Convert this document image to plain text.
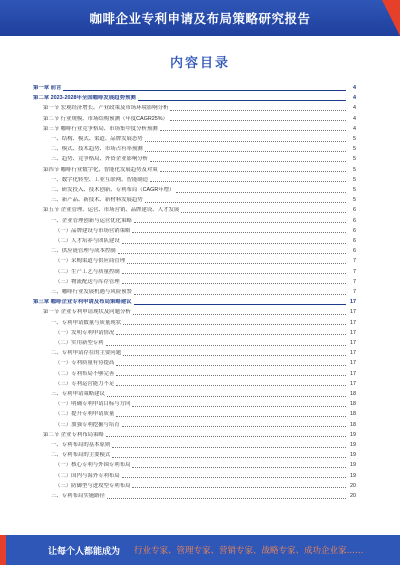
咖啡企业专利申请及布局策略研究报告
内容目录
第一章 前言	4
第二章 2023-2028年全国咖啡发展趋势预测	4
第一节 宏观经济增长、产业政策及市场环境影响分析	4
第二节 行业规模、市场结构预测（年度CAGR25%）	4
第三节 咖啡行业竞争格局、市场集中度分析预测	4
一、结构、模式、渠道、品牌发展态势	5
二、模式、技术趋势、市场占有率预测	5
三、趋势、竞争格局、外资企业影响分析	5
第四节 咖啡行业数字化、智能化发展趋势及对策	5
一、数字化转型、工业互联网、智能制造	5
二、研发投入、技术创新、专利布局（CAGR年增）	5
三、新产品、新技术、新材料发展趋势	5
第五节 企业管理、运营、市场营销、品牌建设、人才发展	6
一、企业管理创新与运营优化策略	6
（一）品牌建设与市场营销策略	6
（二）人才培养与团队建设	6
二、供应链管理与成本控制	6
（一）采购渠道与供应商管理	7
（二）生产工艺与质量控制	7
（三）物流配送与库存管理	7
三、咖啡行业发展机遇与风险预警	7
第三章 咖啡企业专利申请及布局策略建议	17
第一节 企业专利申请现状及问题分析	17
一、专利申请数量与质量现状	17
（一）发明专利申请情况	17
（二）实用新型专利	17
二、专利申请存在的主要问题	17
（一）专利质量有待提高	17
（二）专利布局不够完善	17
（三）专利运营能力不足	17
三、专利申请策略建议	18
（一）明确专利申请目标与方向	18
（二）提升专利申请质量	18
（三）加强专利挖掘与培育	18
第二节 企业专利布局策略	19
一、专利布局的基本原则	19
二、专利布局的主要模式	19
（一）核心专利与外围专利布局	19
（二）国内与海外专利布局	19
（三）防御型与进攻型专利布局	20
三、专利布局实施路径	20
让每个人都能成为 行业专家、管理专家、营销专家、战略专家、成功企业家……
